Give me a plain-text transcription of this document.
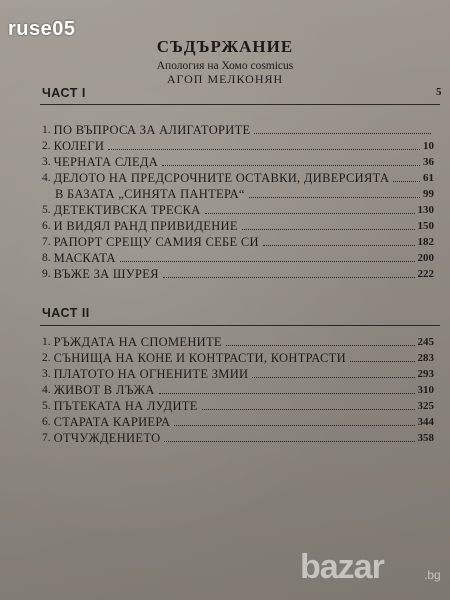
ruse05
СЪДЪРЖАНИЕ
Апология на Хомо cosmicus
АГОП МЕЛКОНЯН
ЧАСТ I	5
1. ПО ВЪПРОСА ЗА АЛИГАТОРИТЕ
2. КОЛЕГИ	10
3. ЧЕРНАТА СЛЕДА	36
4. ДЕЛОТО НА ПРЕДСРОЧНИТЕ ОСТАВКИ, ДИВЕРСИЯТА	61
В БАЗАТА „СИНЯТА ПАНТЕРА“	99
5. ДЕТЕКТИВСКА ТРЕСКА	130
6. И ВИДЯЛ РАНД ПРИВИДЕНИЕ	150
7. РАПОРТ СРЕЩУ САМИЯ СЕБЕ СИ	182
8. МАСКАТА	200
9. ВЪЖЕ ЗА ШУРЕЯ	222
ЧАСТ II
1. РЪЖДАТА НА СПОМЕНИТЕ	245
2. СЪНИЩА НА КОНЕ И КОНТРАСТИ, КОНТРАСТИ	283
3. ПЛАТОТО НА ОГНЕНИТЕ ЗМИИ	293
4. ЖИВОТ В ЛЪЖА	310
5. ПЪТЕКАТА НА ЛУДИТЕ	325
6. СТАРАТА КАРИЕРА	344
7. ОТЧУЖДЕНИЕТО	358
bazar	.bg
